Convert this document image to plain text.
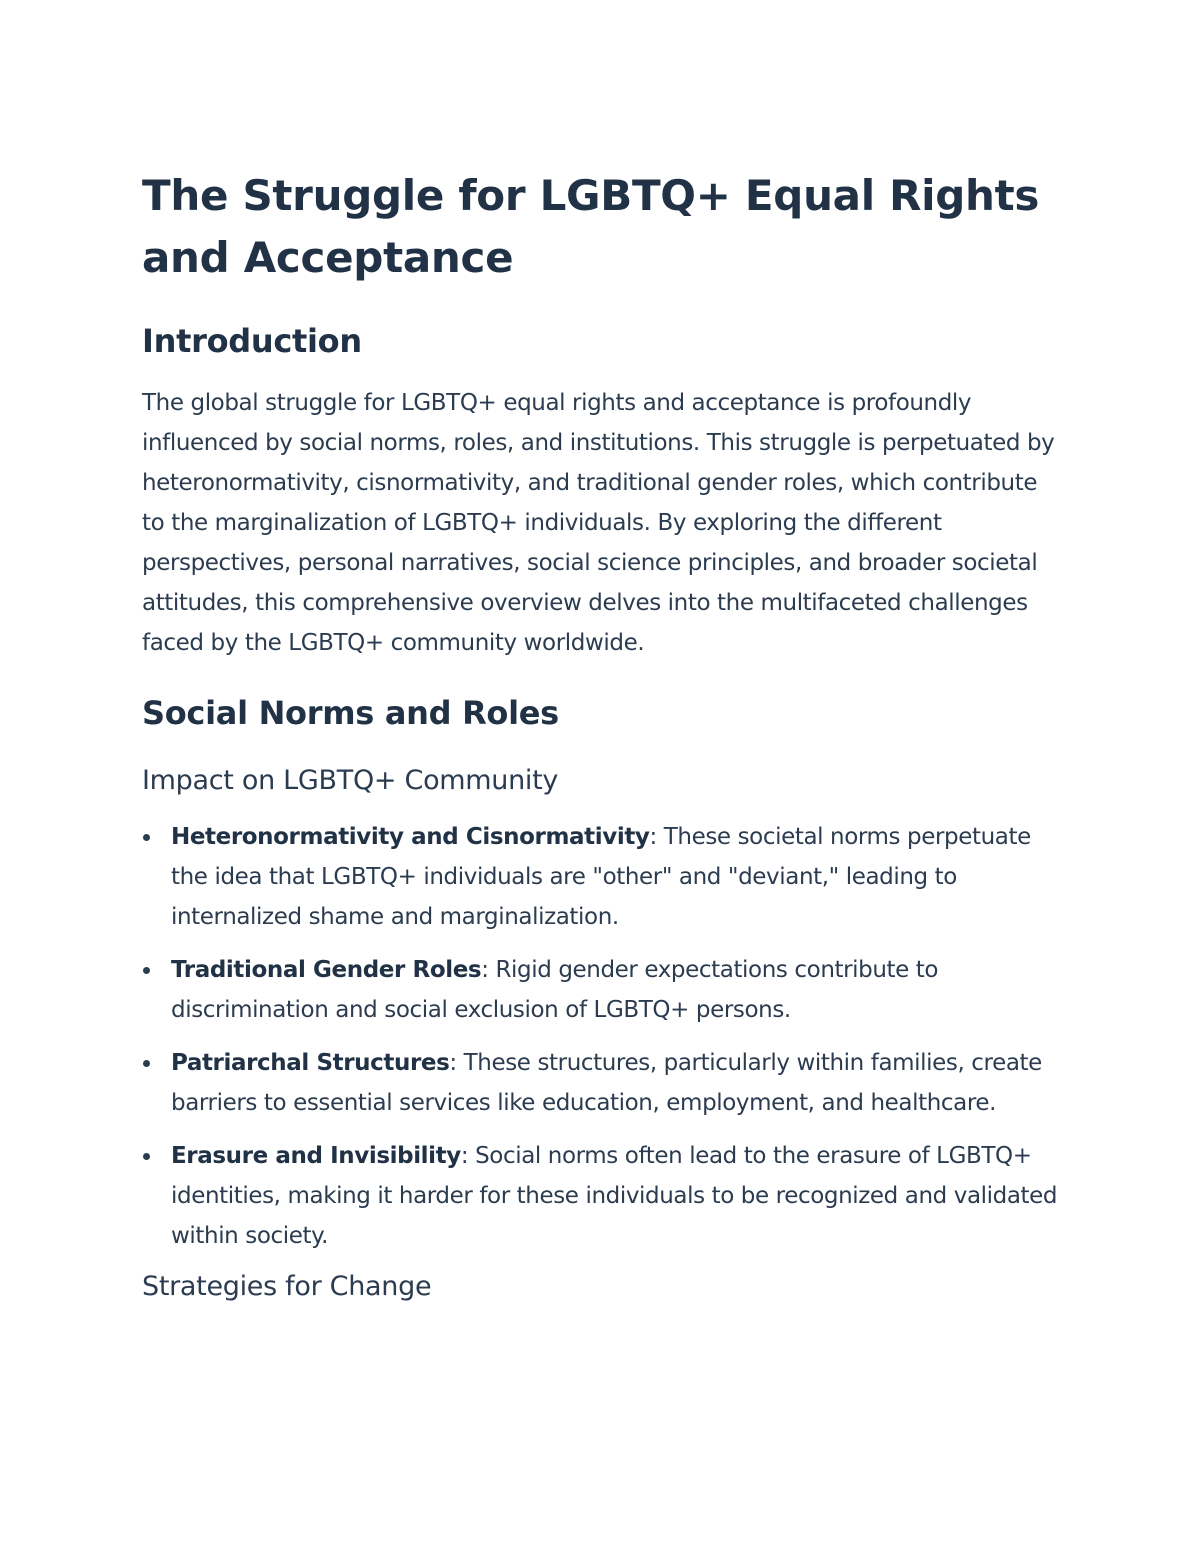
The Struggle for LGBTQ+ Equal Rights and Acceptance
Introduction

The global struggle for LGBTQ+ equal rights and acceptance is profoundly influenced by social norms, roles, and institutions. This struggle is perpetuated by heteronormativity, cisnormativity, and traditional gender roles, which contribute to the marginalization of LGBTQ+ individuals. By exploring the different perspectives, personal narratives, social science principles, and broader societal attitudes, this comprehensive overview delves into the multifaceted challenges faced by the LGBTQ+ community worldwide.

Social Norms and Roles
Impact on LGBTQ+ Community
Heteronormativity and Cisnormativity: These societal norms perpetuate the idea that LGBTQ+ individuals are "other" and "deviant," leading to internalized shame and marginalization.
Traditional Gender Roles: Rigid gender expectations contribute to discrimination and social exclusion of LGBTQ+ persons.
Patriarchal Structures: These structures, particularly within families, create barriers to essential services like education, employment, and healthcare.
Erasure and Invisibility: Social norms often lead to the erasure of LGBTQ+ identities, making it harder for these individuals to be recognized and validated within society.
Strategies for Change
